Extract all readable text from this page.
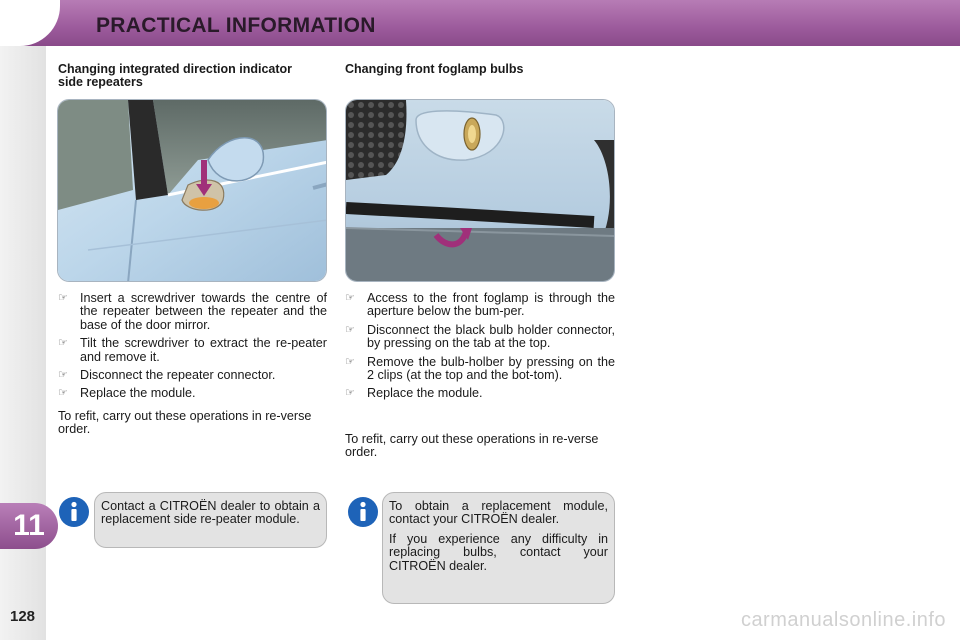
PRACTICAL INFORMATION
11
128
Changing integrated direction indicator side repeaters
☞ Insert a screwdriver towards the centre of the repeater between the repeater and the base of the door mirror.
☞ Tilt the screwdriver to extract the re-peater and remove it.
☞ Disconnect the repeater connector.
☞ Replace the module.
To refit, carry out these operations in re-verse order.

Contact a CITROËN dealer to obtain a replacement side re-peater module.

Changing front foglamp bulbs
☞ Access to the front foglamp is through the aperture below the bum-per.
☞ Disconnect the black bulb holder connector, by pressing on the tab at the top.
☞ Remove the bulb-holber by pressing on the 2 clips (at the top and the bot-tom).
☞ Replace the module.
To refit, carry out these operations in re-verse order.

To obtain a replacement module, contact your CITROËN dealer.

If you experience any difficulty in replacing bulbs, contact your CITROËN dealer.

carmanualsonline.info
